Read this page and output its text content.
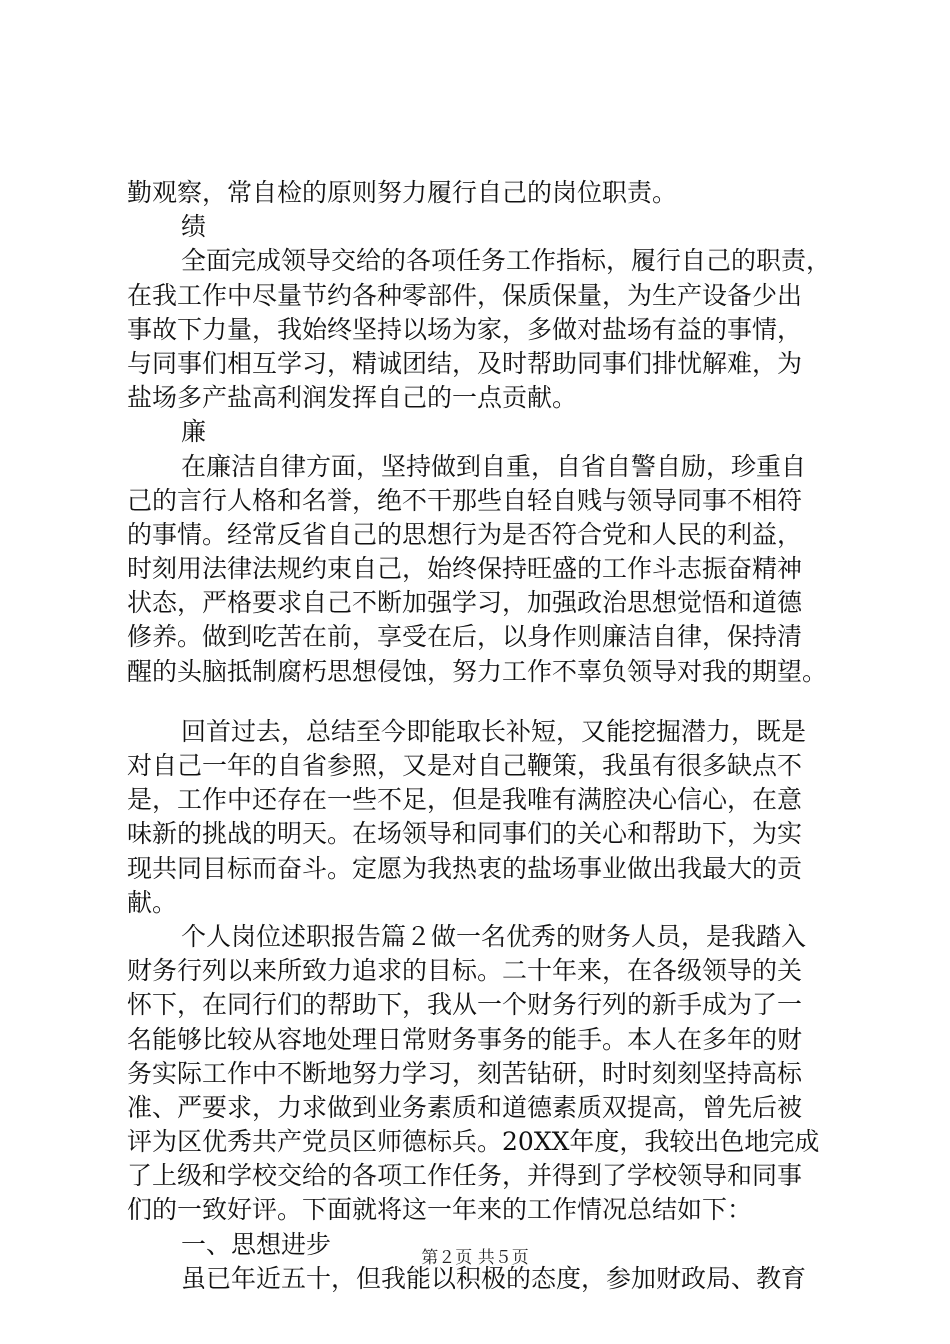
勤观察，常自检的原则努力履行自己的岗位职责。
绩
全面完成领导交给的各项任务工作指标，履行自己的职责，
在我工作中尽量节约各种零部件，保质保量，为生产设备少出
事故下力量，我始终坚持以场为家，多做对盐场有益的事情，
与同事们相互学习，精诚团结，及时帮助同事们排忧解难，为
盐场多产盐高利润发挥自己的一点贡献。
廉
在廉洁自律方面，坚持做到自重，自省自警自励，珍重自
己的言行人格和名誉，绝不干那些自轻自贱与领导同事不相符
的事情。经常反省自己的思想行为是否符合党和人民的利益，
时刻用法律法规约束自己，始终保持旺盛的工作斗志振奋精神
状态，严格要求自己不断加强学习，加强政治思想觉悟和道德
修养。做到吃苦在前，享受在后，以身作则廉洁自律，保持清
醒的头脑抵制腐朽思想侵蚀，努力工作不辜负领导对我的期望。
回首过去，总结至今即能取长补短，又能挖掘潜力，既是
对自己一年的自省参照，又是对自己鞭策，我虽有很多缺点不
是，工作中还存在一些不足，但是我唯有满腔决心信心，在意
味新的挑战的明天。在场领导和同事们的关心和帮助下，为实
现共同目标而奋斗。定愿为我热衷的盐场事业做出我最大的贡
献。
个人岗位述职报告篇２做一名优秀的财务人员，是我踏入
财务行列以来所致力追求的目标。二十年来，在各级领导的关
怀下，在同行们的帮助下，我从一个财务行列的新手成为了一
名能够比较从容地处理日常财务事务的能手。本人在多年的财
务实际工作中不断地努力学习，刻苦钻研，时时刻刻坚持高标
准、严要求，力求做到业务素质和道德素质双提高，曾先后被
评为区优秀共产党员区师德标兵。20XX年度，我较出色地完成
了上级和学校交给的各项工作任务，并得到了学校领导和同事
们的一致好评。下面就将这一年来的工作情况总结如下：
一、思想进步
虽已年近五十，但我能以积极的态度，参加财政局、教育
第２页 共５页
